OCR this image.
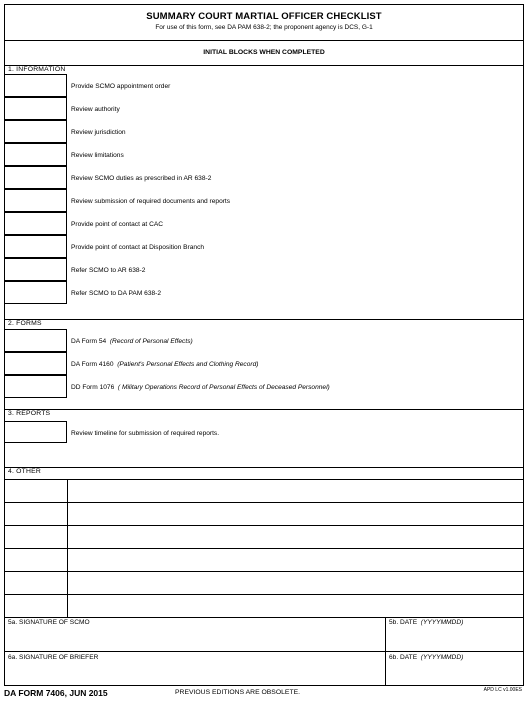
SUMMARY COURT MARTIAL OFFICER CHECKLIST
For use of this form, see DA PAM 638-2; the proponent agency is DCS, G-1
INITIAL BLOCKS WHEN COMPLETED
1. INFORMATION
Provide SCMO appointment order
Review authority
Review jurisdiction
Review limitations
Review SCMO duties as prescribed in AR 638-2
Review submission of required documents and reports
Provide point of contact at CAC
Provide point of contact at Disposition Branch
Refer SCMO to AR 638-2
Refer SCMO to DA PAM 638-2
2. FORMS
DA Form 54 (Record of Personal Effects)
DA Form 4160 (Patient's Personal Effects and Clothing Record)
DD Form 1076 ( Military Operations Record of Personal Effects of Deceased Personnel)
3. REPORTS
Review timeline for submission of required reports.
4. OTHER
5a. SIGNATURE OF SCMO	5b. DATE (YYYYMMDD)
6a. SIGNATURE OF BRIEFER	6b. DATE (YYYYMMDD)
DA FORM 7406, JUN 2015	PREVIOUS EDITIONS ARE OBSOLETE.	APD LC v1.00ES
